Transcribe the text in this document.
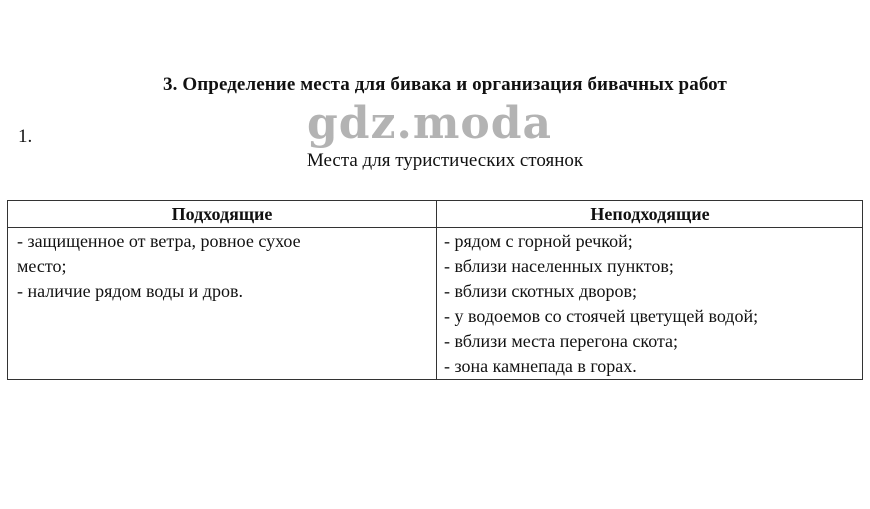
3. Определение места для бивака и организация бивачных работ
1.	gdz.moda
Места для туристических стоянок
Подходящие	Неподходящие
- защищенное от ветра, ровное сухое
место;
- наличие рядом воды и дров.
- рядом с горной речкой;
- вблизи населенных пунктов;
- вблизи скотных дворов;
- у водоемов со стоячей цветущей водой;
- вблизи места перегона скота;
- зона камнепада в горах.
